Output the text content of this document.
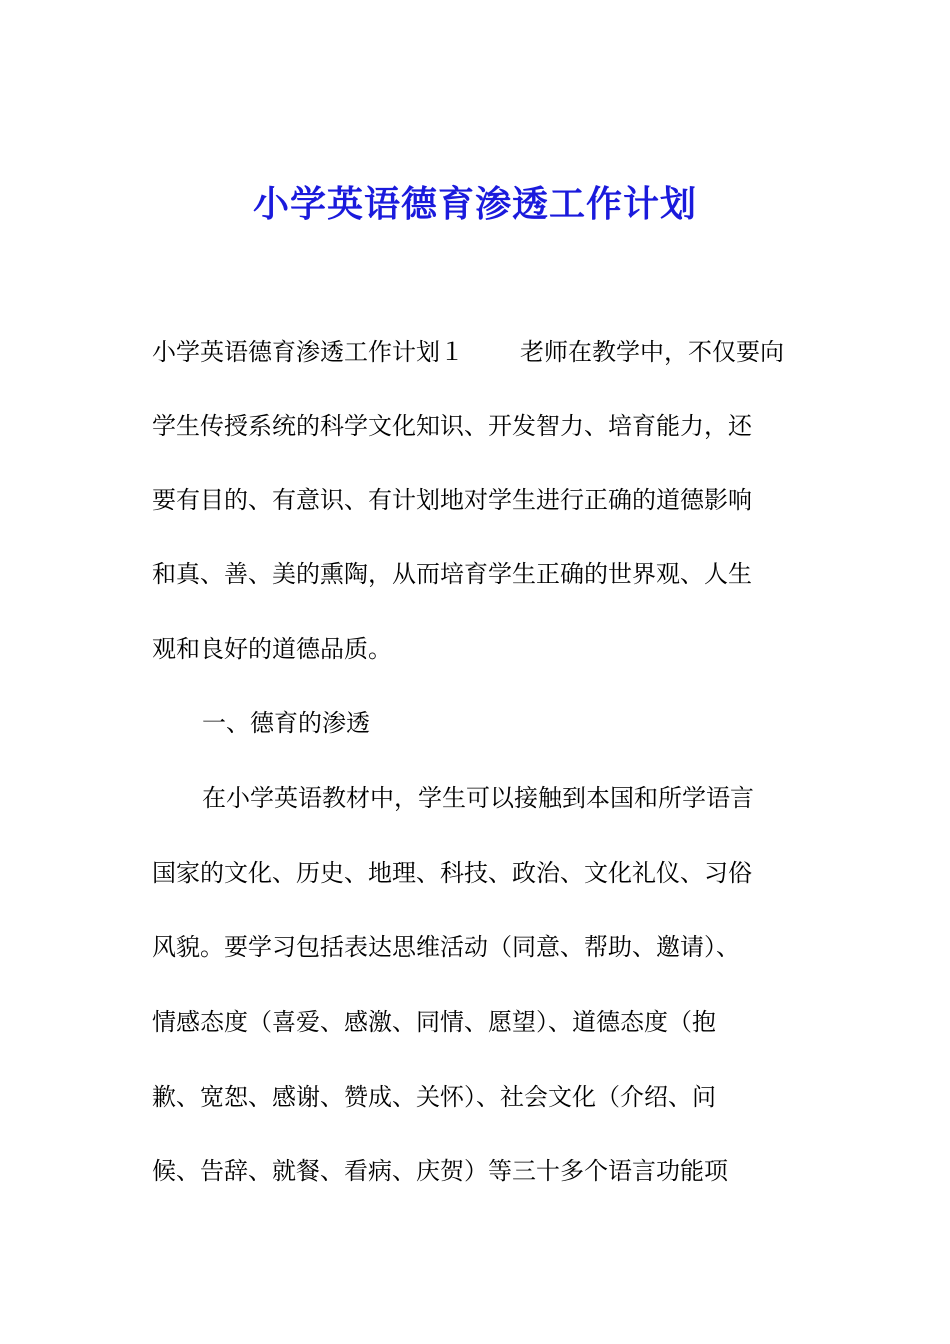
小学英语德育渗透工作计划

小学英语德育渗透工作计划１ 老师在教学中，不仅要向

学生传授系统的科学文化知识、开发智力、培育能力，还

要有目的、有意识、有计划地对学生进行正确的道德影响

和真、善、美的熏陶，从而培育学生正确的世界观、人生

观和良好的道德品质。

一、德育的渗透

在小学英语教材中，学生可以接触到本国和所学语言

国家的文化、历史、地理、科技、政治、文化礼仪、习俗

风貌。要学习包括表达思维活动（同意、帮助、邀请）、

情感态度（喜爱、感激、同情、愿望）、道德态度（抱

歉、宽恕、感谢、赞成、关怀）、社会文化（介绍、问

候、告辞、就餐、看病、庆贺）等三十多个语言功能项
